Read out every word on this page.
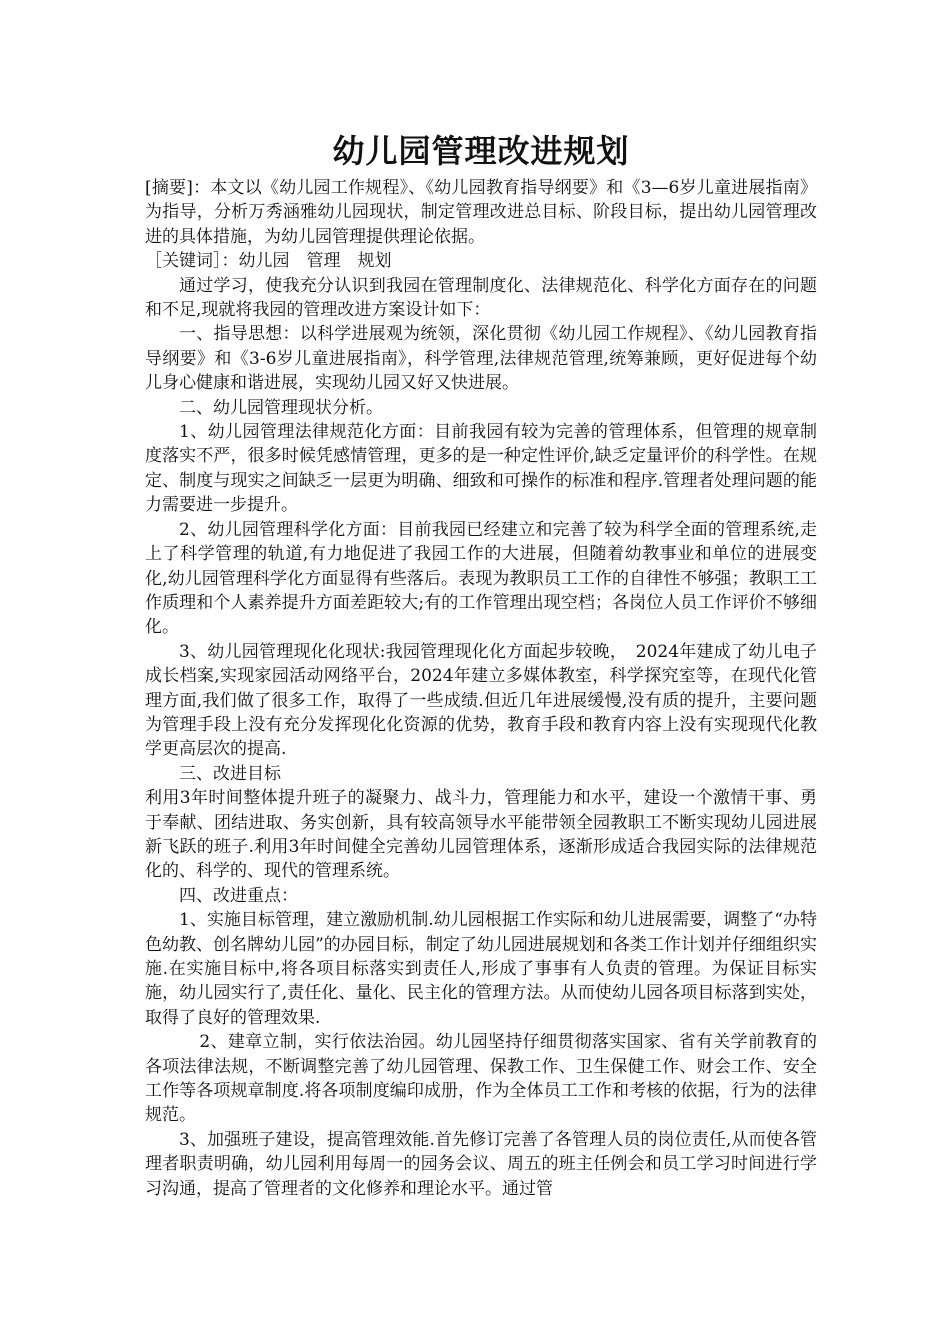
幼儿园管理改进规划

[摘要]：本文以《幼儿园工作规程》、《幼儿园教育指导纲要》和《3—6岁儿童进展指南》为指导，分析万秀涵雅幼儿园现状，制定管理改进总目标、阶段目标，提出幼儿园管理改进的具体措施，为幼儿园管理提供理论依据。

［关键词］：幼儿园　管理　规划

通过学习，使我充分认识到我园在管理制度化、法律规范化、科学化方面存在的问题和不足,现就将我园的管理改进方案设计如下：

一、指导思想：以科学进展观为统领，深化贯彻《幼儿园工作规程》、《幼儿园教育指导纲要》和《3-6岁儿童进展指南》，科学管理,法律规范管理,统筹兼顾，更好促进每个幼儿身心健康和谐进展，实现幼儿园又好又快进展。

二、幼儿园管理现状分析。

1、幼儿园管理法律规范化方面：目前我园有较为完善的管理体系，但管理的规章制度落实不严，很多时候凭感情管理，更多的是一种定性评价,缺乏定量评价的科学性。在规定、制度与现实之间缺乏一层更为明确、细致和可操作的标准和程序.管理者处理问题的能力需要进一步提升。

2、幼儿园管理科学化方面：目前我园已经建立和完善了较为科学全面的管理系统,走上了科学管理的轨道,有力地促进了我园工作的大进展，但随着幼教事业和单位的进展变化,幼儿园管理科学化方面显得有些落后。表现为教职员工工作的自律性不够强；教职工工作质理和个人素养提升方面差距较大;有的工作管理出现空档；各岗位人员工作评价不够细化。

3、幼儿园管理现化化现状:我园管理现化化方面起步较晚，　2024年建成了幼儿电子成长档案,实现家园活动网络平台，2024年建立多媒体教室，科学探究室等，在现代化管理方面,我们做了很多工作，取得了一些成绩.但近几年进展缓慢,没有质的提升，主要问题为管理手段上没有充分发挥现化化资源的优势，教育手段和教育内容上没有实现现代化教学更高层次的提高.

三、改进目标

利用3年时间整体提升班子的凝聚力、战斗力，管理能力和水平，建设一个激情干事、勇于奉献、团结进取、务实创新，具有较高领导水平能带领全园教职工不断实现幼儿园进展新飞跃的班子.利用3年时间健全完善幼儿园管理体系，逐渐形成适合我园实际的法律规范化的、科学的、现代的管理系统。

四、改进重点：

1、实施目标管理，建立激励机制.幼儿园根据工作实际和幼儿进展需要，调整了“办特色幼教、创名牌幼儿园”的办园目标，制定了幼儿园进展规划和各类工作计划并仔细组织实施.在实施目标中,将各项目标落实到责任人,形成了事事有人负责的管理。为保证目标实施，幼儿园实行了,责任化、量化、民主化的管理方法。从而使幼儿园各项目标落到实处，取得了良好的管理效果.

2、建章立制，实行依法治园。幼儿园坚持仔细贯彻落实国家、省有关学前教育的各项法律法规，不断调整完善了幼儿园管理、保教工作、卫生保健工作、财会工作、安全工作等各项规章制度.将各项制度编印成册，作为全体员工工作和考核的依据，行为的法律规范。

3、加强班子建设，提高管理效能.首先修订完善了各管理人员的岗位责任,从而使各管理者职责明确，幼儿园利用每周一的园务会议、周五的班主任例会和员工学习时间进行学习沟通，提高了管理者的文化修养和理论水平。通过管
